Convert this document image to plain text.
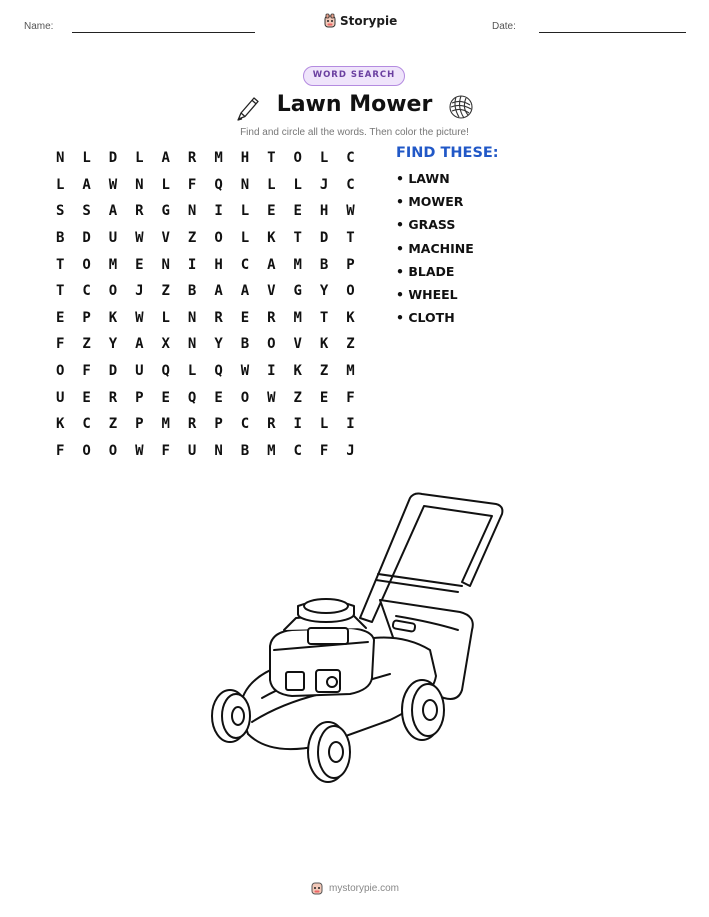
Name:	Storypie	Date:
WORD SEARCH
Lawn Mower
Find and circle all the words. Then color the picture!
N	L	D	L	A	R	M	H	T	O	L	C
L	A	W	N	L	F	Q	N	L	L	J	C
S	S	A	R	G	N	I	L	E	E	H	W
B	D	U	W	V	Z	O	L	K	T	D	T
T	O	M	E	N	I	H	C	A	M	B	P
T	C	O	J	Z	B	A	A	V	G	Y	O
E	P	K	W	L	N	R	E	R	M	T	K
F	Z	Y	A	X	N	Y	B	O	V	K	Z
O	F	D	U	Q	L	Q	W	I	K	Z	M
U	E	R	P	E	Q	E	O	W	Z	E	F
K	C	Z	P	M	R	P	C	R	I	L	I
F	O	O	W	F	U	N	B	M	C	F	J
FIND THESE:
• LAWN
• MOWER
• GRASS
• MACHINE
• BLADE
• WHEEL
• CLOTH
mystorypie.com
